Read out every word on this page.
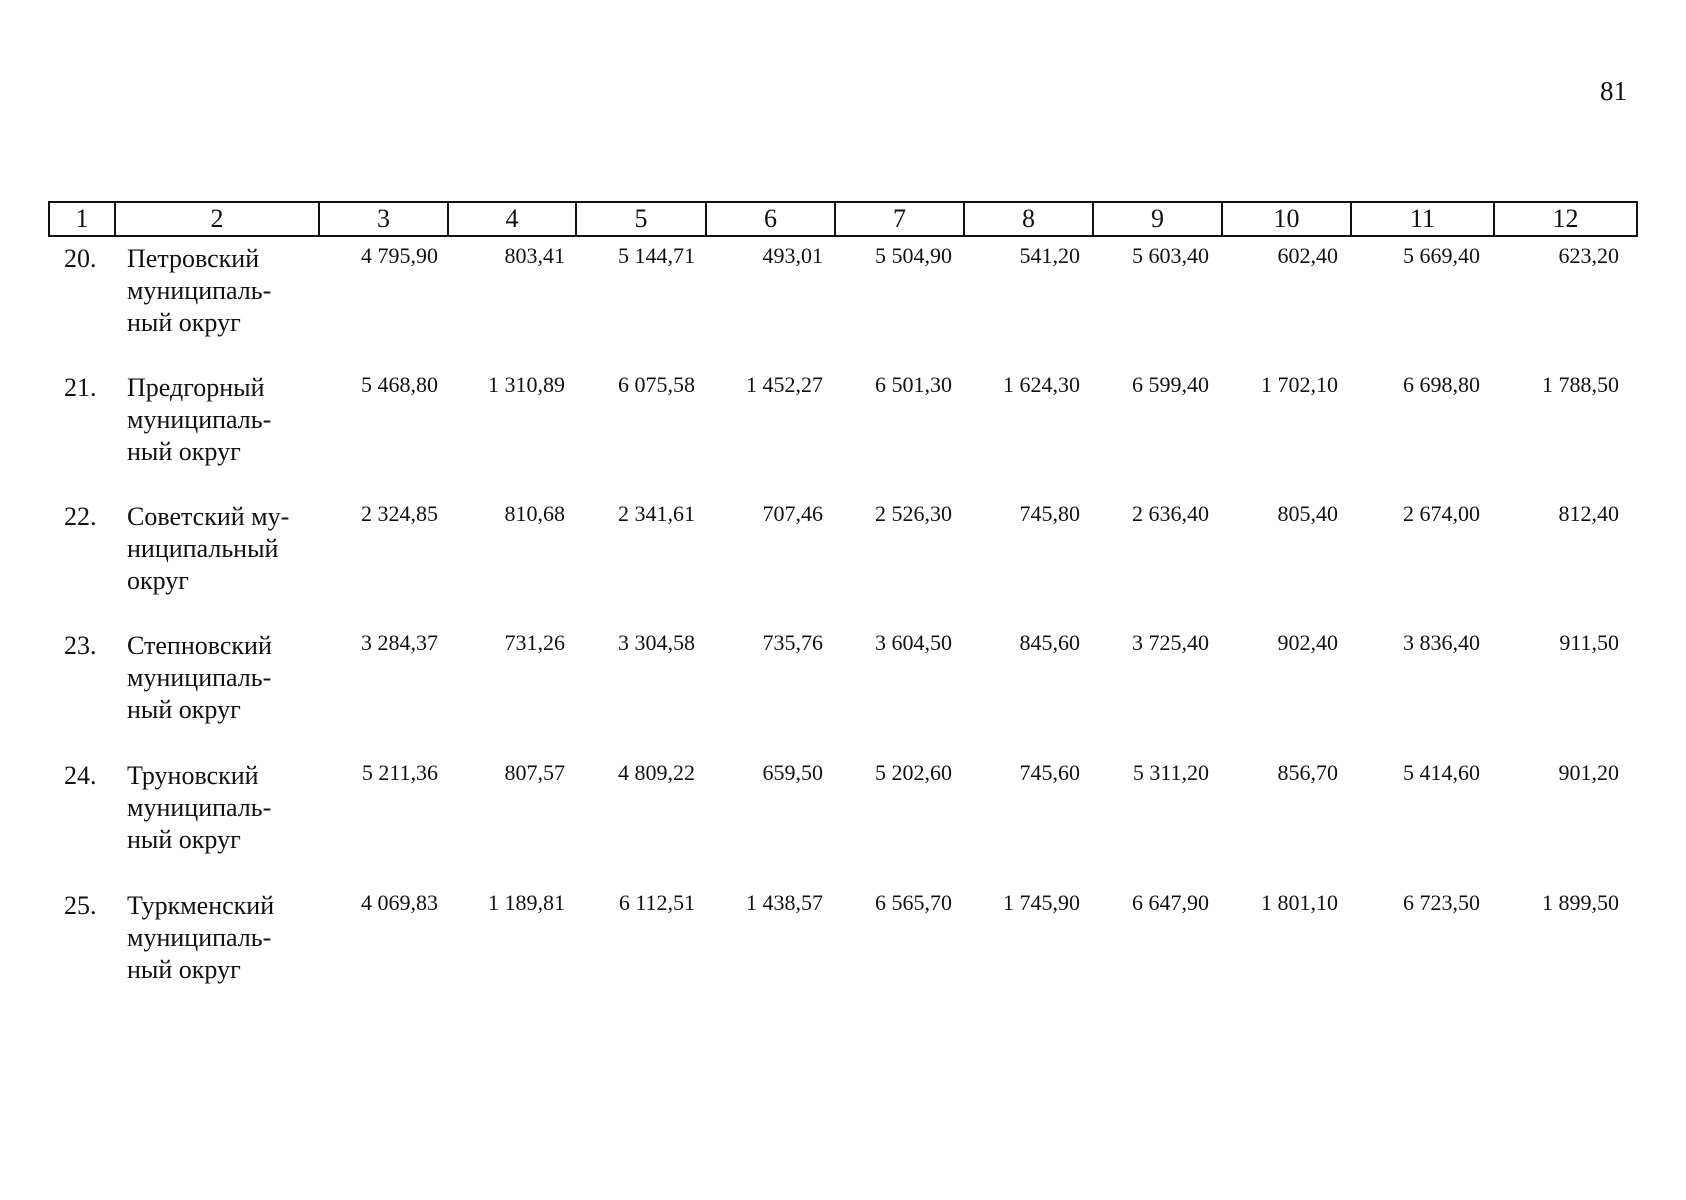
81
1	2	3	4	5	6	7	8	9	10	11	12
20. Петровский
муниципаль-
ный округ
4 795,90	803,41	5 144,71	493,01	5 504,90	541,20	5 603,40	602,40	5 669,40	623,20
21. Предгорный
муниципаль-
ный округ
5 468,80	1 310,89	6 075,58	1 452,27	6 501,30	1 624,30	6 599,40	1 702,10	6 698,80	1 788,50
22. Советский му-
ниципальный
округ
2 324,85	810,68	2 341,61	707,46	2 526,30	745,80	2 636,40	805,40	2 674,00	812,40
23. Степновский
муниципаль-
ный округ
3 284,37	731,26	3 304,58	735,76	3 604,50	845,60	3 725,40	902,40	3 836,40	911,50
24. Труновский
муниципаль-
ный округ
5 211,36	807,57	4 809,22	659,50	5 202,60	745,60	5 311,20	856,70	5 414,60	901,20
25. Туркменский
муниципаль-
ный округ
4 069,83	1 189,81	6 112,51	1 438,57	6 565,70	1 745,90	6 647,90	1 801,10	6 723,50	1 899,50
